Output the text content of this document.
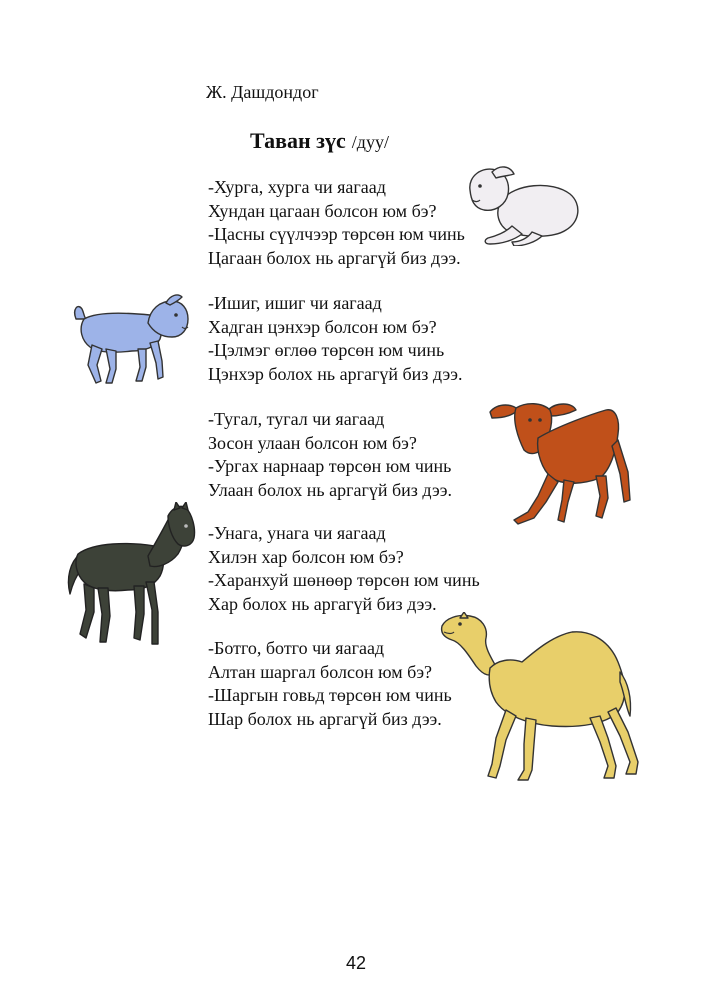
Ж. Дашдондог
Таван зүс /дуу/
-Хурга, хурга чи яагаад
Хундан цагаан болсон юм бэ?
-Цасны сүүлчээр төрсөн юм чинь
Цагаан болох нь аргагүй биз дээ.
-Ишиг, ишиг чи яагаад
Хадган цэнхэр болсон юм бэ?
-Цэлмэг өглөө төрсөн юм чинь
Цэнхэр болох нь аргагүй биз дээ.
-Тугал, тугал чи яагаад
Зосон улаан болсон юм бэ?
-Ургах нарнаар төрсөн юм чинь
Улаан болох нь аргагүй биз дээ.
-Унага, унага чи яагаад
Хилэн хар болсон юм бэ?
-Харанхуй шөнөөр төрсөн юм чинь
Хар болох нь аргагүй биз дээ.
-Ботго, ботго чи яагаад
Алтан шаргал болсон юм бэ?
-Шаргын говьд төрсөн юм чинь
Шар болох нь аргагүй биз дээ.
42
